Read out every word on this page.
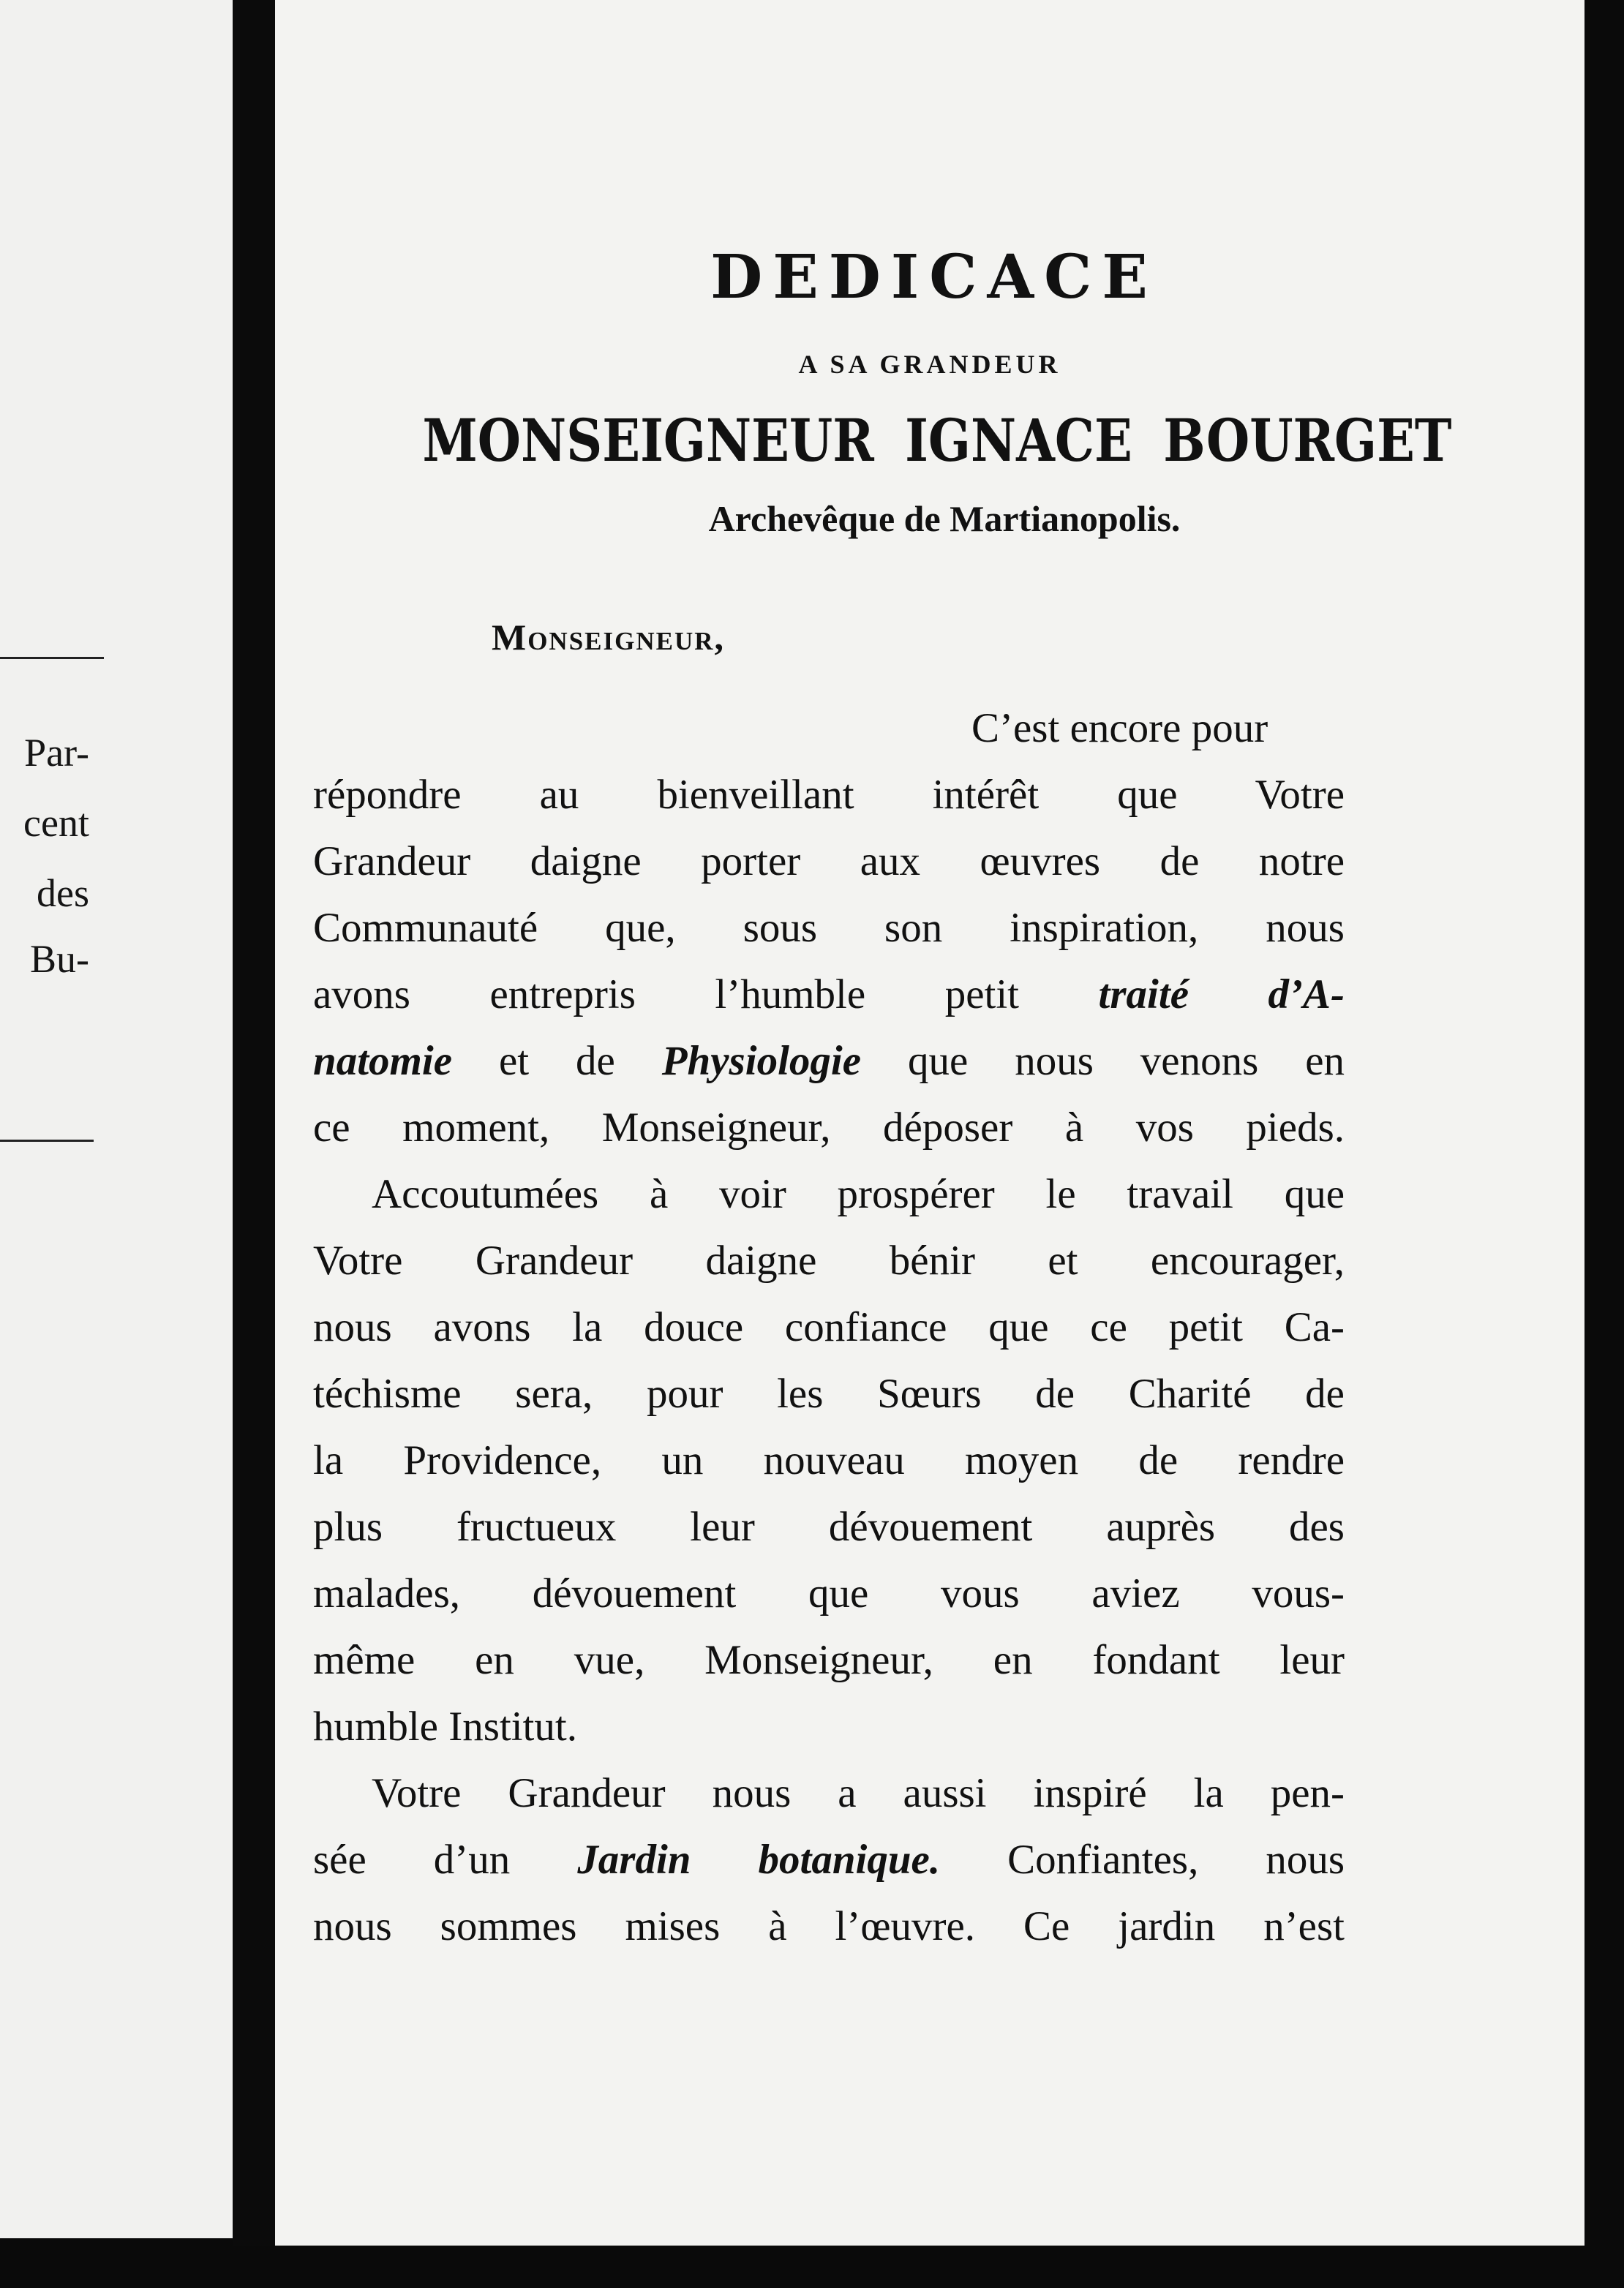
Par-
cent
des
Bu-
DEDICACE
A SA GRANDEUR
MONSEIGNEUR IGNACE BOURGET
Archevêque de Martianopolis.
Monseigneur,
C’est encore pour
répondre au bienveillant intérêt que Votre
Grandeur daigne porter aux œuvres de notre
Communauté que, sous son inspiration, nous
avons entrepris l’humble petit traité d’A-
natomie et de Physiologie que nous venons en
ce moment, Monseigneur, déposer à vos pieds.
Accoutumées à voir prospérer le travail que
Votre Grandeur daigne bénir et encourager,
nous avons la douce confiance que ce petit Ca-
téchisme sera, pour les Sœurs de Charité de
la Providence, un nouveau moyen de rendre
plus fructueux leur dévouement auprès des
malades, dévouement que vous aviez vous-
même en vue, Monseigneur, en fondant leur
humble Institut.
Votre Grandeur nous a aussi inspiré la pen-
sée d’un Jardin botanique. Confiantes, nous
nous sommes mises à l’œuvre. Ce jardin n’est
